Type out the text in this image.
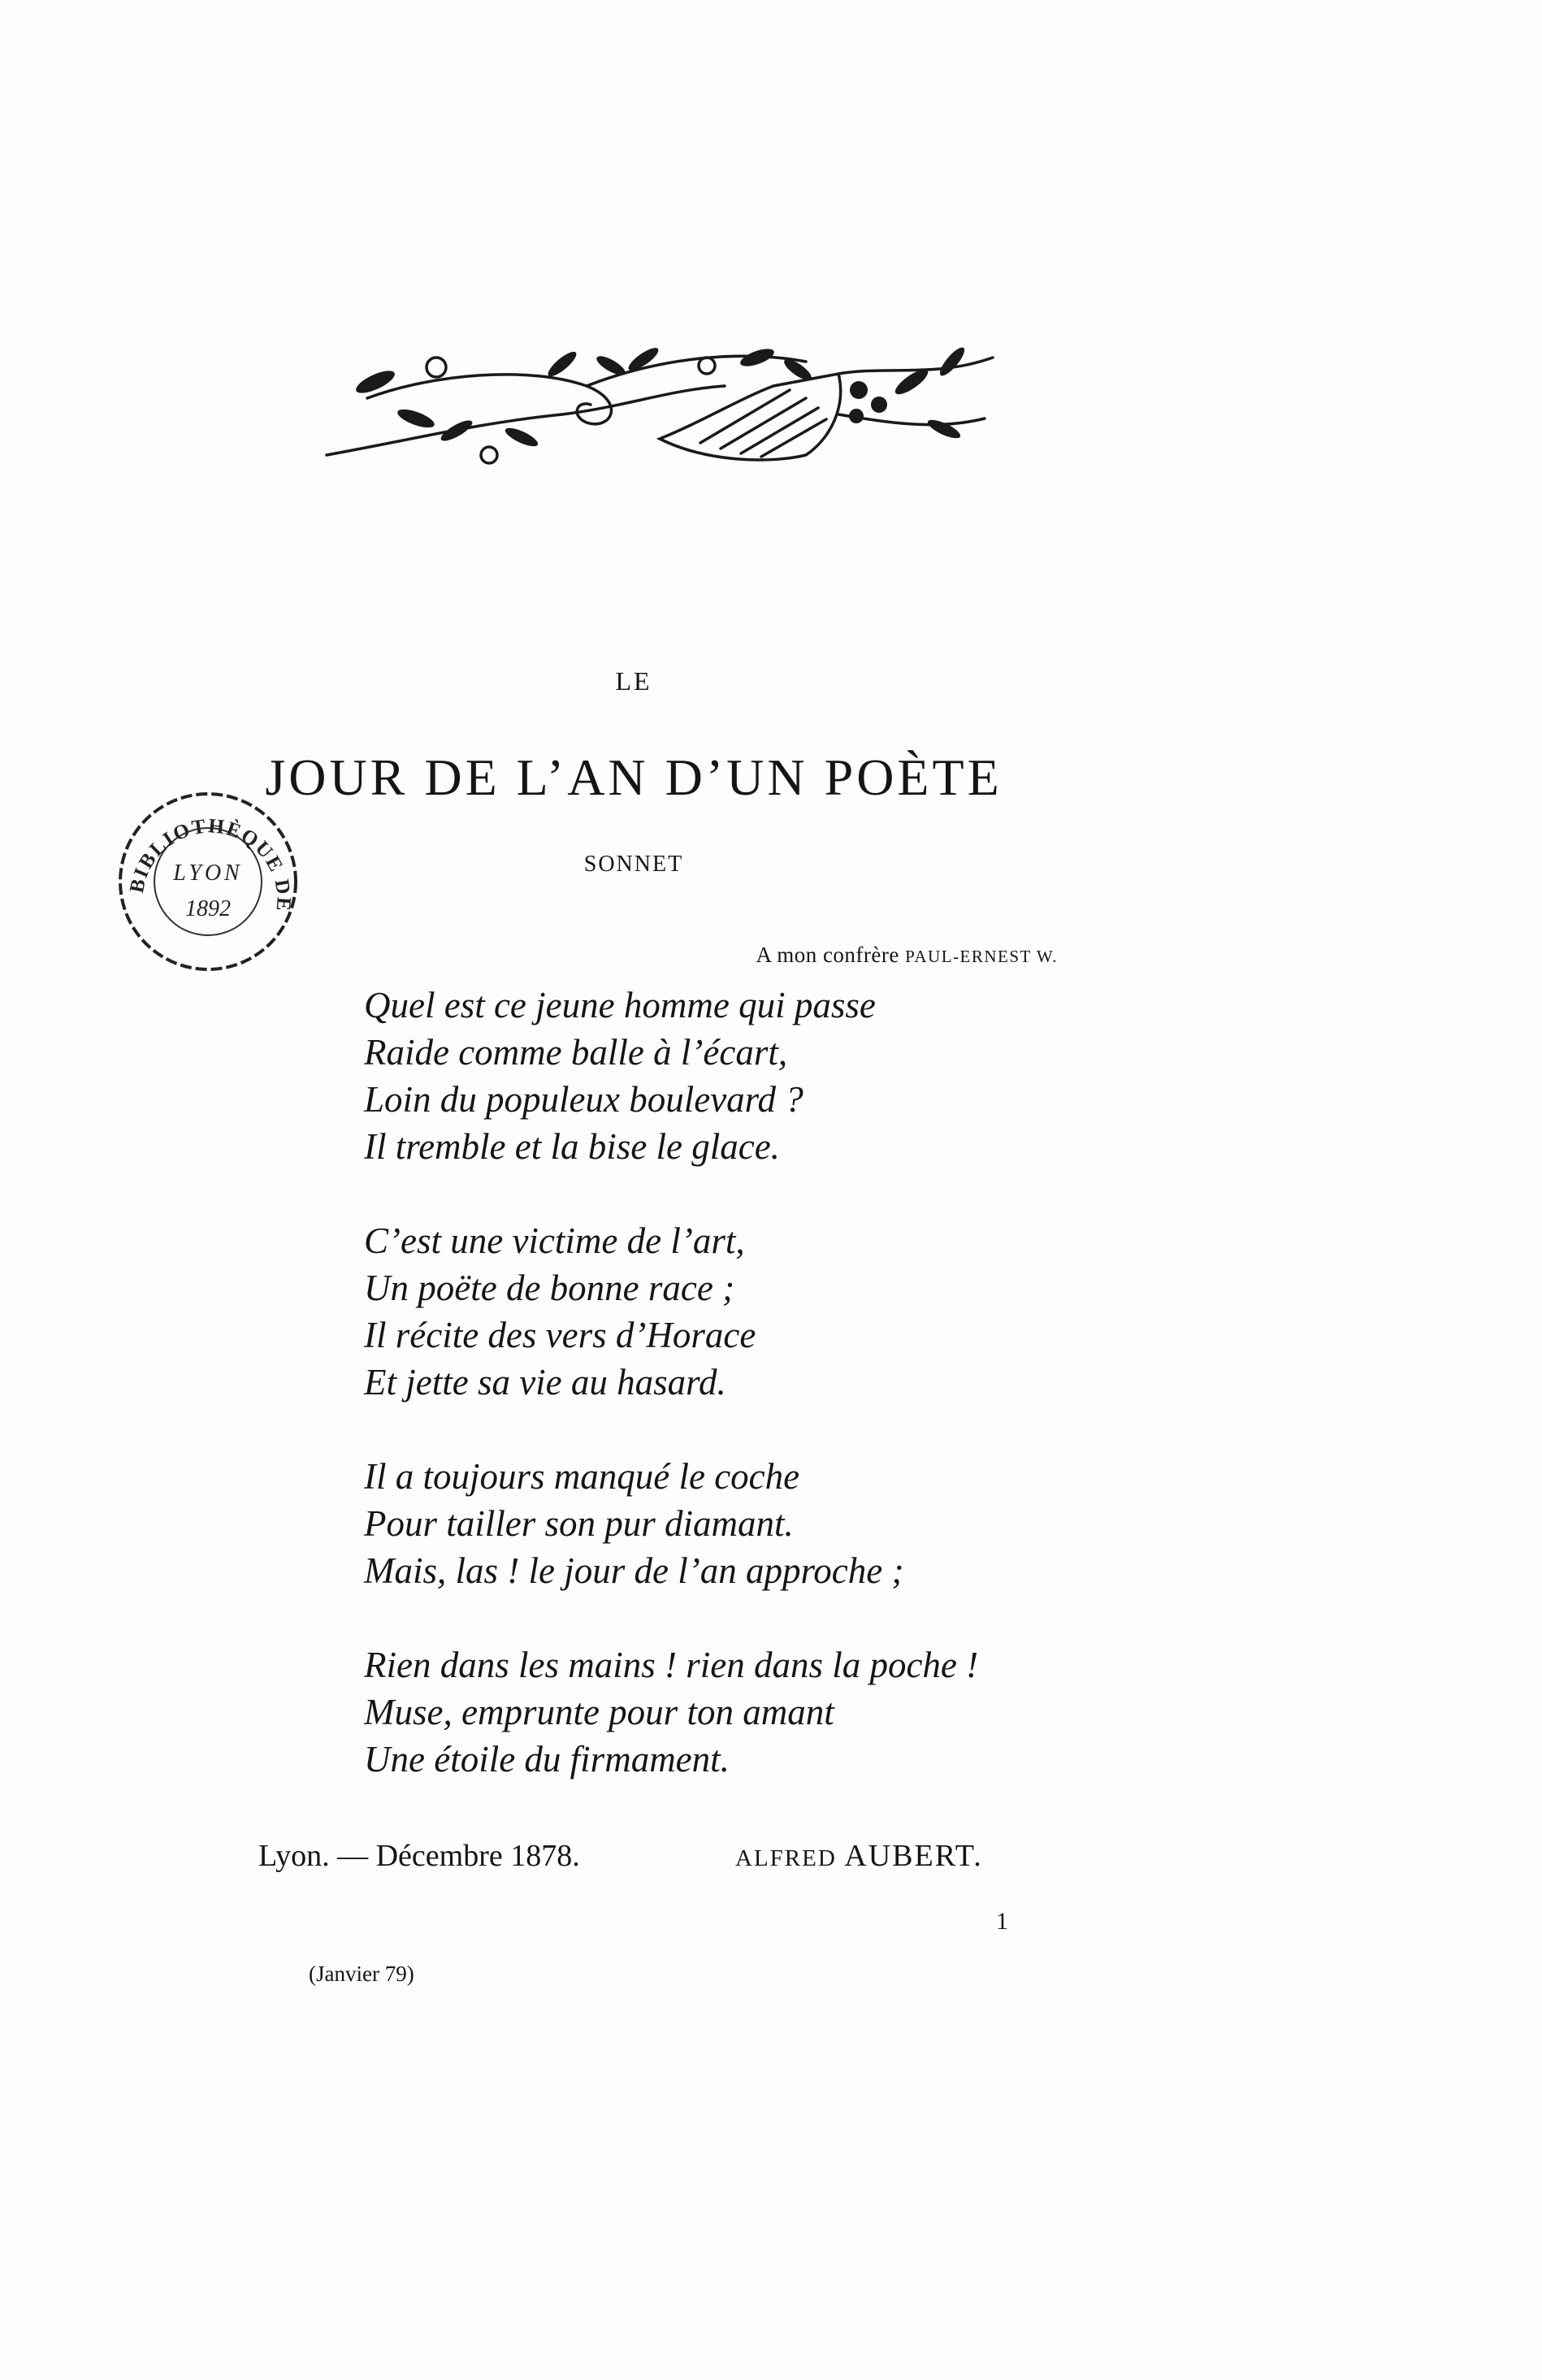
BIBLIOTHÈQUE DE
LYON
1892
LE
JOUR DE L’AN D’UN POÈTE
SONNET
A mon confrère PAUL-ERNEST W.
Quel est ce jeune homme qui passe
Raide comme balle à l’écart,
Loin du populeux boulevard ?
Il tremble et la bise le glace.
C’est une victime de l’art,
Un poëte de bonne race ;
Il récite des vers d’Horace
Et jette sa vie au hasard.
Il a toujours manqué le coche
Pour tailler son pur diamant.
Mais, las ! le jour de l’an approche ;
Rien dans les mains ! rien dans la poche !
Muse, emprunte pour ton amant
Une étoile du firmament.
Lyon. — Décembre 1878.	ALFRED AUBERT.
1
(Janvier 79)
